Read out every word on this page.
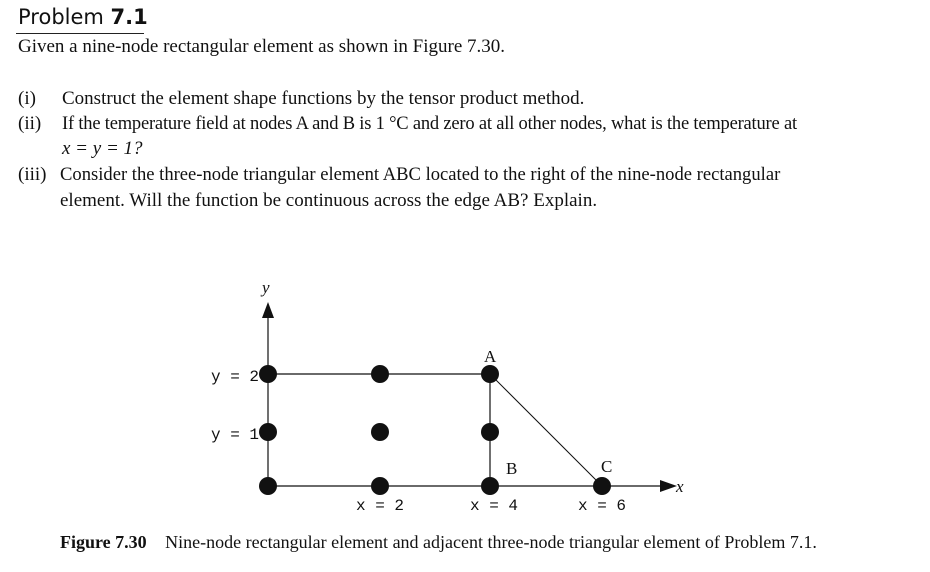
Problem 7.1
Given a nine-node rectangular element as shown in Figure 7.30.
(i) Construct the element shape functions by the tensor product method.
(ii) If the temperature field at nodes A and B is 1 °C and zero at all other nodes, what is the temperature at
x = y = 1?
(iii) Consider the three-node triangular element ABC located to the right of the nine-node rectangular
element. Will the function be continuous across the edge AB? Explain.
y
x
A
B	C
y = 2
y = 1
x = 2	x = 4	x = 6
Figure 7.30 Nine-node rectangular element and adjacent three-node triangular element of Problem 7.1.
